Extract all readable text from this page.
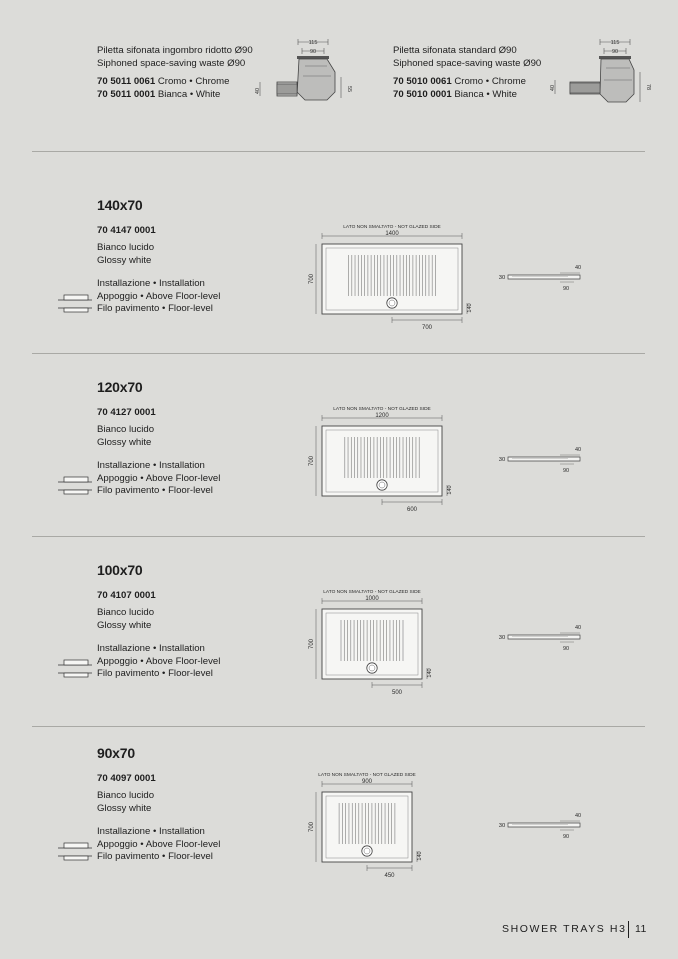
Piletta sifonata ingombro ridotto Ø90
Siphoned space-saving waste Ø90
70 5011 0061 Cromo • Chrome
70 5011 0001 Bianca • White
115
90
40	55
Piletta sifonata standard Ø90
Siphoned space-saving waste Ø90
70 5010 0061 Cromo • Chrome
70 5010 0001 Bianca • White
115
90
40	78
140x70
70 4147 0001
Bianco lucido
Glossy white
Installazione • Installation
Appoggio • Above Floor-level
Filo pavimento • Floor-level
LATO NON SMALTATO - NOT GLAZED SIDE
1400
700
140
700
30
40
90
120x70
70 4127 0001
Bianco lucido
Glossy white
Installazione • Installation
Appoggio • Above Floor-level
Filo pavimento • Floor-level
LATO NON SMALTATO - NOT GLAZED SIDE
1200
700
140
600
30
40
90
100x70
70 4107 0001
Bianco lucido
Glossy white
Installazione • Installation
Appoggio • Above Floor-level
Filo pavimento • Floor-level
LATO NON SMALTATO - NOT GLAZED SIDE
1000
700
140
500
30
40
90
90x70
70 4097 0001
Bianco lucido
Glossy white
Installazione • Installation
Appoggio • Above Floor-level
Filo pavimento • Floor-level
LATO NON SMALTATO - NOT GLAZED SIDE
900
700
140
450
30
40
90
SHOWER TRAYS H3 11
